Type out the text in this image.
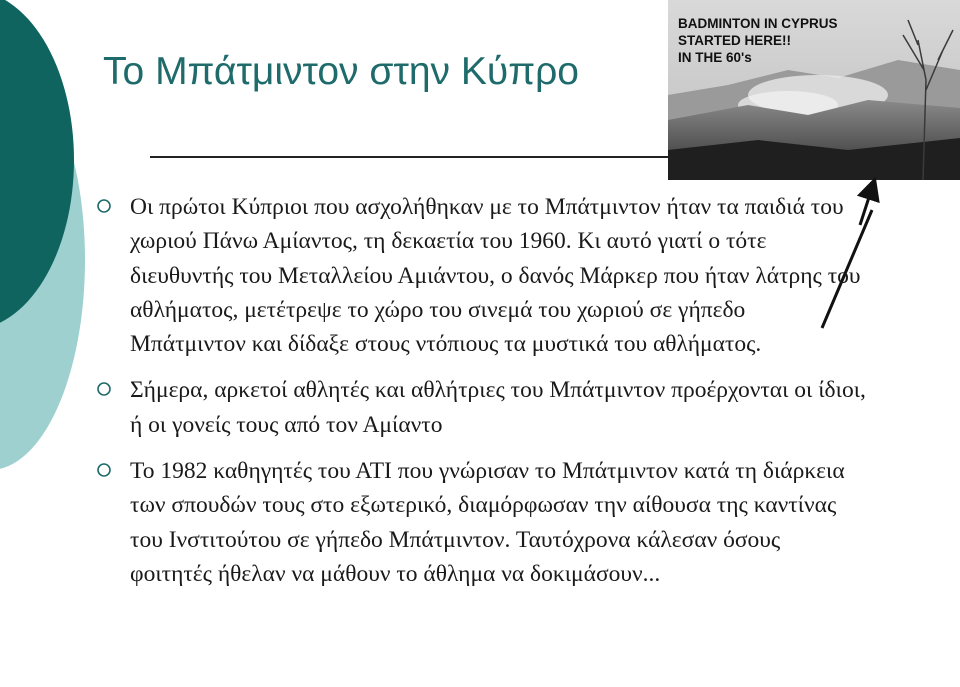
Το Μπάτμιντον στην Κύπρο
BADMINTON IN CYPRUS
STARTED HERE!!
IN THE 60's
Οι πρώτοι Κύπριοι που ασχολήθηκαν με το Μπάτμιντον ήταν τα παιδιά του χωριού Πάνω Αμίαντος, τη δεκαετία του 1960. Κι αυτό γιατί ο τότε διευθυντής του Μεταλλείου Αμιάντου, ο δανός Μάρκερ που ήταν λάτρης του αθλήματος, μετέτρεψε το χώρο του σινεμά του χωριού σε γήπεδο Μπάτμιντον και δίδαξε στους ντόπιους τα μυστικά του αθλήματος.
Σήμερα, αρκετοί αθλητές και αθλήτριες του Μπάτμιντον προέρχονται οι ίδιοι, ή οι γονείς τους από τον Αμίαντο
Το 1982 καθηγητές του ΑΤΙ που γνώρισαν το Μπάτμιντον κατά τη διάρκεια των σπουδών τους στο εξωτερικό, διαμόρφωσαν την αίθουσα της καντίνας του Ινστιτούτου σε γήπεδο Μπάτμιντον. Ταυτόχρονα κάλεσαν όσους φοιτητές ήθελαν να μάθουν το άθλημα να δοκιμάσουν...
